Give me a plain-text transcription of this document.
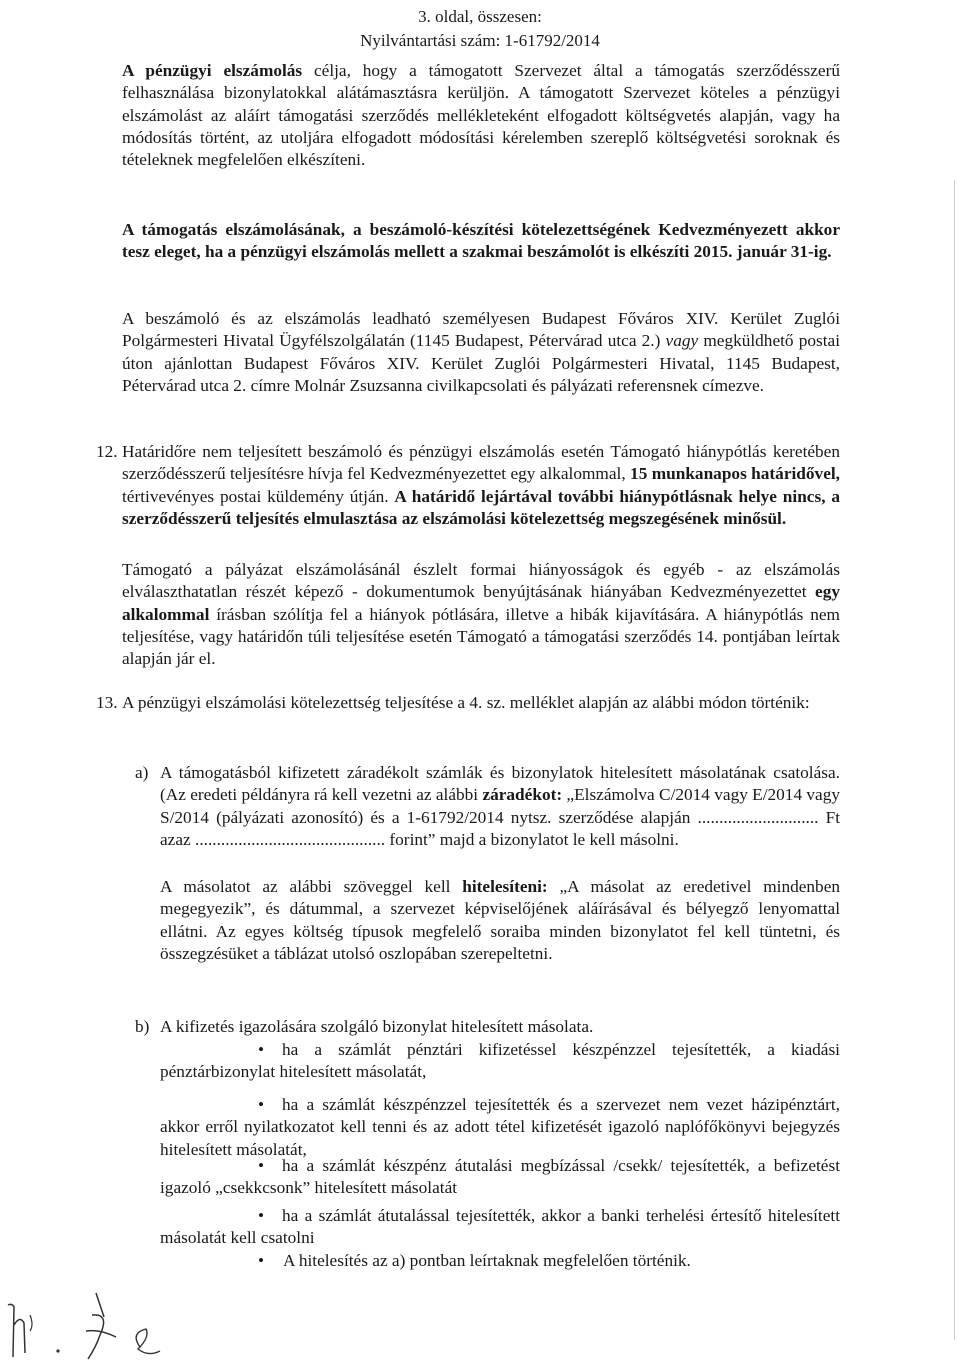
3. oldal, összesen:
Nyilvántartási szám: 1-61792/2014

A pénzügyi elszámolás célja, hogy a támogatott Szervezet által a támogatás szerződésszerű felhasználása bizonylatokkal alátámasztásra kerüljön. A támogatott Szervezet köteles a pénzügyi elszámolást az aláírt támogatási szerződés mellékleteként elfogadott költségvetés alapján, vagy ha módosítás történt, az utoljára elfogadott módosítási kérelemben szereplő költségvetési soroknak és tételeknek megfelelően elkészíteni.

A támogatás elszámolásának, a beszámoló-készítési kötelezettségének Kedvezményezett akkor tesz eleget, ha a pénzügyi elszámolás mellett a szakmai beszámolót is elkészíti 2015. január 31-ig.

A beszámoló és az elszámolás leadható személyesen Budapest Főváros XIV. Kerület Zuglói Polgármesteri Hivatal Ügyfélszolgálatán (1145 Budapest, Pétervárad utca 2.) vagy megküldhető postai úton ajánlottan Budapest Főváros XIV. Kerület Zuglói Polgármesteri Hivatal, 1145 Budapest, Pétervárad utca 2. címre Molnár Zsuzsanna civilkapcsolati és pályázati referensnek címezve.

12. Határidőre nem teljesített beszámoló és pénzügyi elszámolás esetén Támogató hiánypótlás keretében szerződésszerű teljesítésre hívja fel Kedvezményezettet egy alkalommal, 15 munkanapos határidővel, tértivevényes postai küldemény útján. A határidő lejártával további hiánypótlásnak helye nincs, a szerződésszerű teljesítés elmulasztása az elszámolási kötelezettség megszegésének minősül.

Támogató a pályázat elszámolásánál észlelt formai hiányosságok és egyéb - az elszámolás elválaszthatatlan részét képező - dokumentumok benyújtásának hiányában Kedvezményezettet egy alkalommal írásban szólítja fel a hiányok pótlására, illetve a hibák kijavítására. A hiánypótlás nem teljesítése, vagy határidőn túli teljesítése esetén Támogató a támogatási szerződés 14. pontjában leírtak alapján jár el.

13. A pénzügyi elszámolási kötelezettség teljesítése a 4. sz. melléklet alapján az alábbi módon történik:

a) A támogatásból kifizetett záradékolt számlák és bizonylatok hitelesített másolatának csatolása. (Az eredeti példányra rá kell vezetni az alábbi záradékot: „Elszámolva C/2014 vagy E/2014 vagy S/2014 (pályázati azonosító) és a 1-61792/2014 nytsz. szerződése alapján ............................ Ft azaz ............................................ forint” majd a bizonylatot le kell másolni.

A másolatot az alábbi szöveggel kell hitelesíteni: „A másolat az eredetivel mindenben megegyezik”, és dátummal, a szervezet képviselőjének aláírásával és bélyegző lenyomattal ellátni. Az egyes költség típusok megfelelő soraiba minden bizonylatot fel kell tüntetni, és összegzésüket a táblázat utolsó oszlopában szerepeltetni.

b) A kifizetés igazolására szolgáló bizonylat hitelesített másolata.

•	ha a számlát pénztári kifizetéssel készpénzzel tejesítették, a kiadási pénztárbizonylat hitelesített másolatát,

•	ha a számlát készpénzzel tejesítették és a szervezet nem vezet házipénztárt, akkor erről nyilatkozatot kell tenni és az adott tétel kifizetését igazoló naplófőkönyvi bejegyzés hitelesített másolatát,

•	ha a számlát készpénz átutalási megbízással /csekk/ tejesítették, a befizetést igazoló „csekkcsonk” hitelesített másolatát

•	ha a számlát átutalással tejesítették, akkor a banki terhelési értesítő hitelesített másolatát kell csatolni

• A hitelesítés az a) pontban leírtaknak megfelelően történik.
